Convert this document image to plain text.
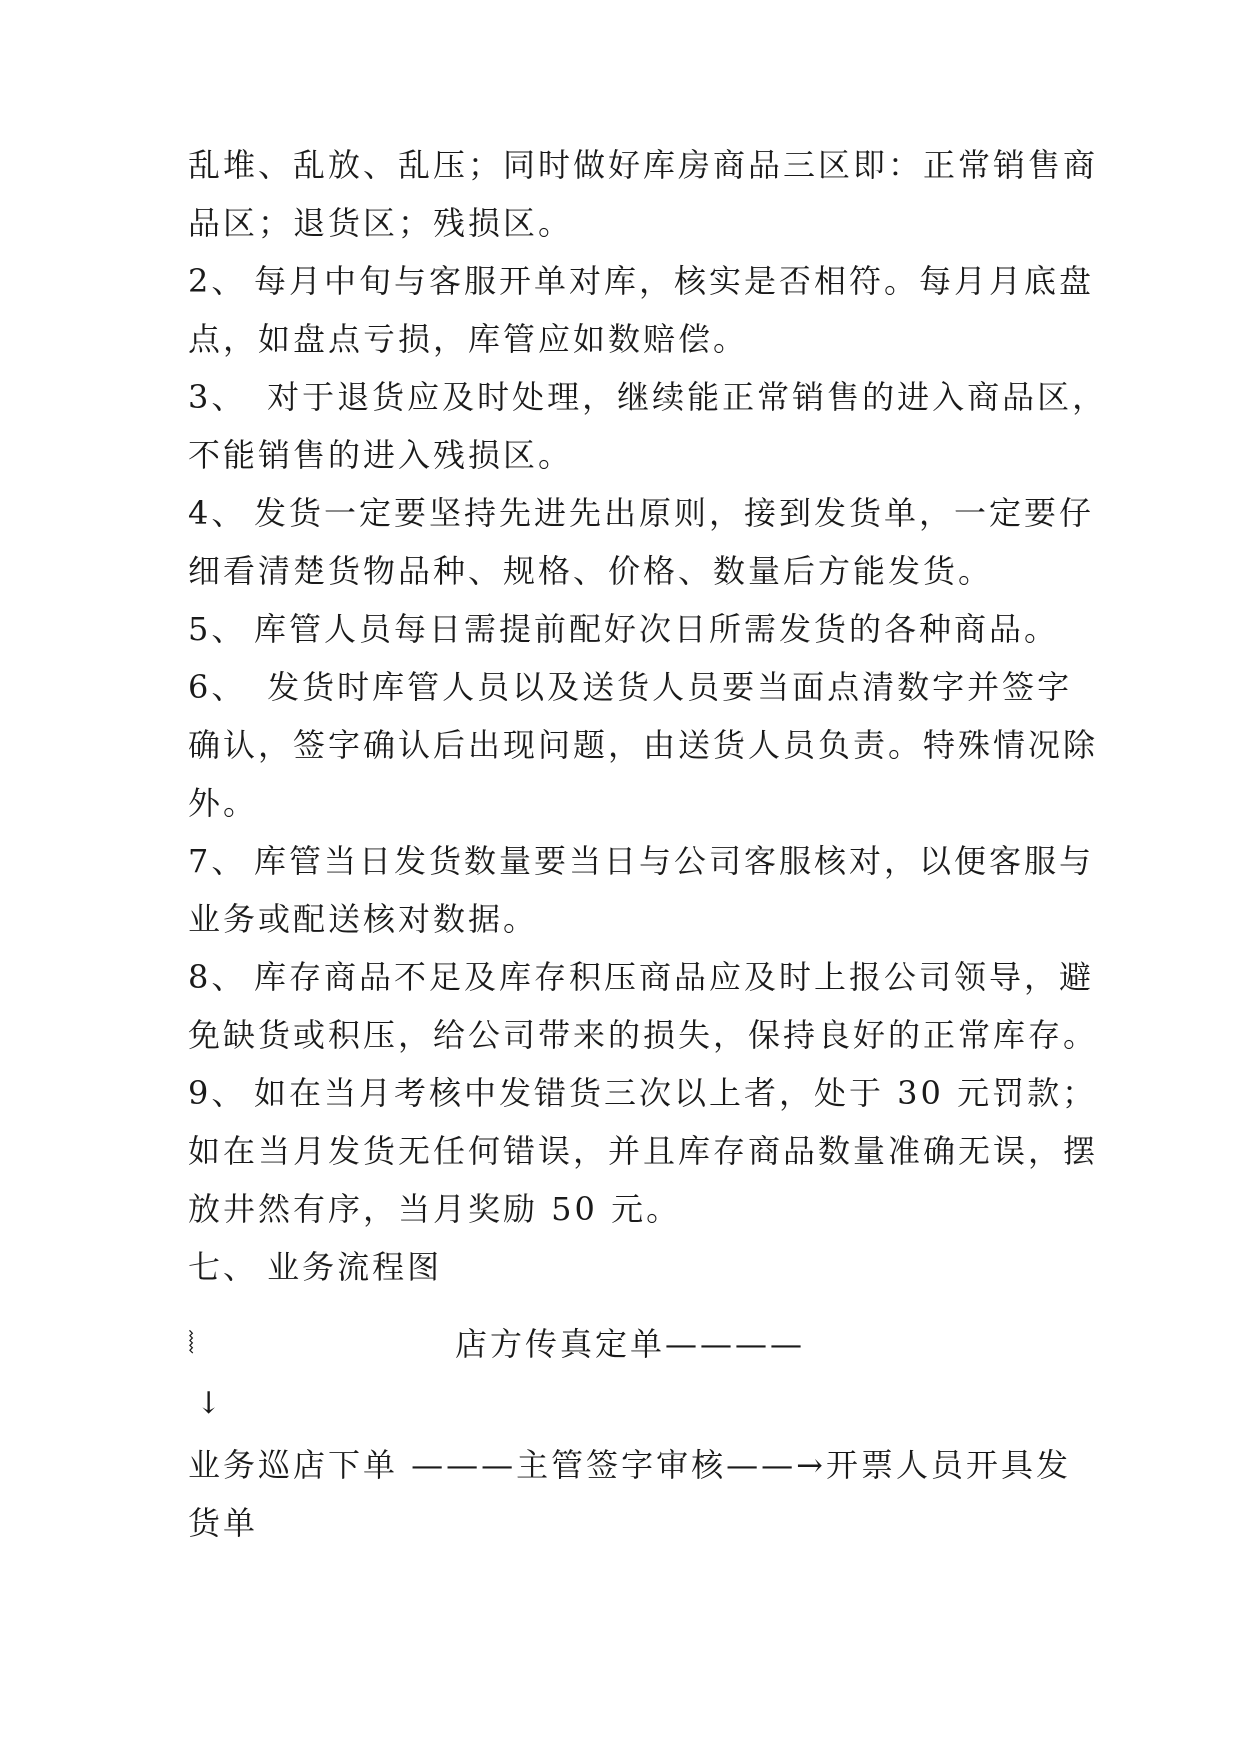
乱堆、乱放、乱压；同时做好库房商品三区即：正常销售商
品区；退货区；残损区。
2、 每月中旬与客服开单对库，核实是否相符。每月月底盘
点，如盘点亏损，库管应如数赔偿。
3、 对于退货应及时处理，继续能正常销售的进入商品区，
不能销售的进入残损区。
4、 发货一定要坚持先进先出原则，接到发货单，一定要仔
细看清楚货物品种、规格、价格、数量后方能发货。
5、 库管人员每日需提前配好次日所需发货的各种商品。
6、 发货时库管人员以及送货人员要当面点清数字并签字
确认，签字确认后出现问题，由送货人员负责。特殊情况除
外。
7、 库管当日发货数量要当日与公司客服核对，以便客服与
业务或配送核对数据。
8、 库存商品不足及库存积压商品应及时上报公司领导，避
免缺货或积压，给公司带来的损失，保持良好的正常库存。
9、 如在当月考核中发错货三次以上者，处于 30 元罚款；
如在当月发货无任何错误，并且库存商品数量准确无误，摆
放井然有序，当月奖励 50 元。
七、 业务流程图
⦚	店方传真定单————
↓
业务巡店下单 ———主管签字审核——→开票人员开具发
货单
